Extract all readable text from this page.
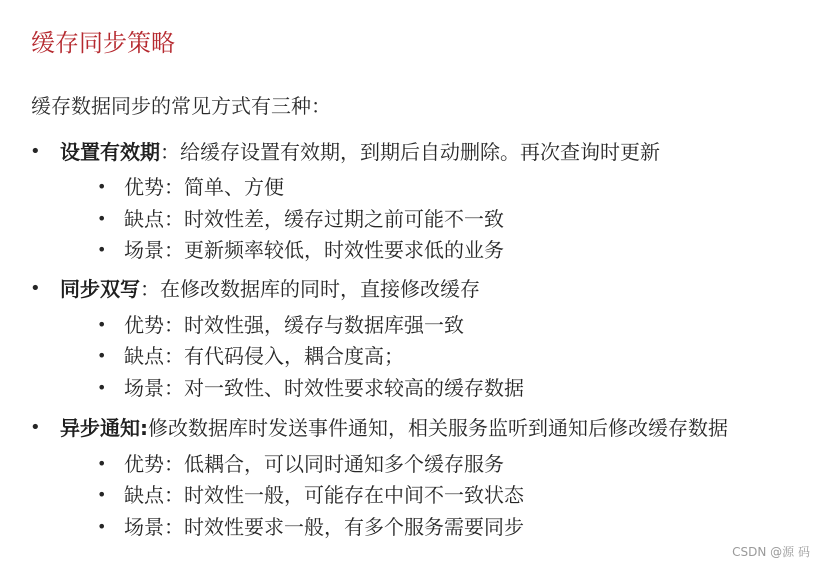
缓存同步策略
缓存数据同步的常见方式有三种：
• 设置有效期：给缓存设置有效期，到期后自动删除。再次查询时更新
• 优势：简单、方便
• 缺点：时效性差，缓存过期之前可能不一致
• 场景：更新频率较低，时效性要求低的业务
• 同步双写：在修改数据库的同时，直接修改缓存
• 优势：时效性强，缓存与数据库强一致
• 缺点：有代码侵入，耦合度高；
• 场景：对一致性、时效性要求较高的缓存数据
• 异步通知:修改数据库时发送事件通知，相关服务监听到通知后修改缓存数据
• 优势：低耦合，可以同时通知多个缓存服务
• 缺点：时效性一般，可能存在中间不一致状态
• 场景：时效性要求一般，有多个服务需要同步
CSDN @源 码
